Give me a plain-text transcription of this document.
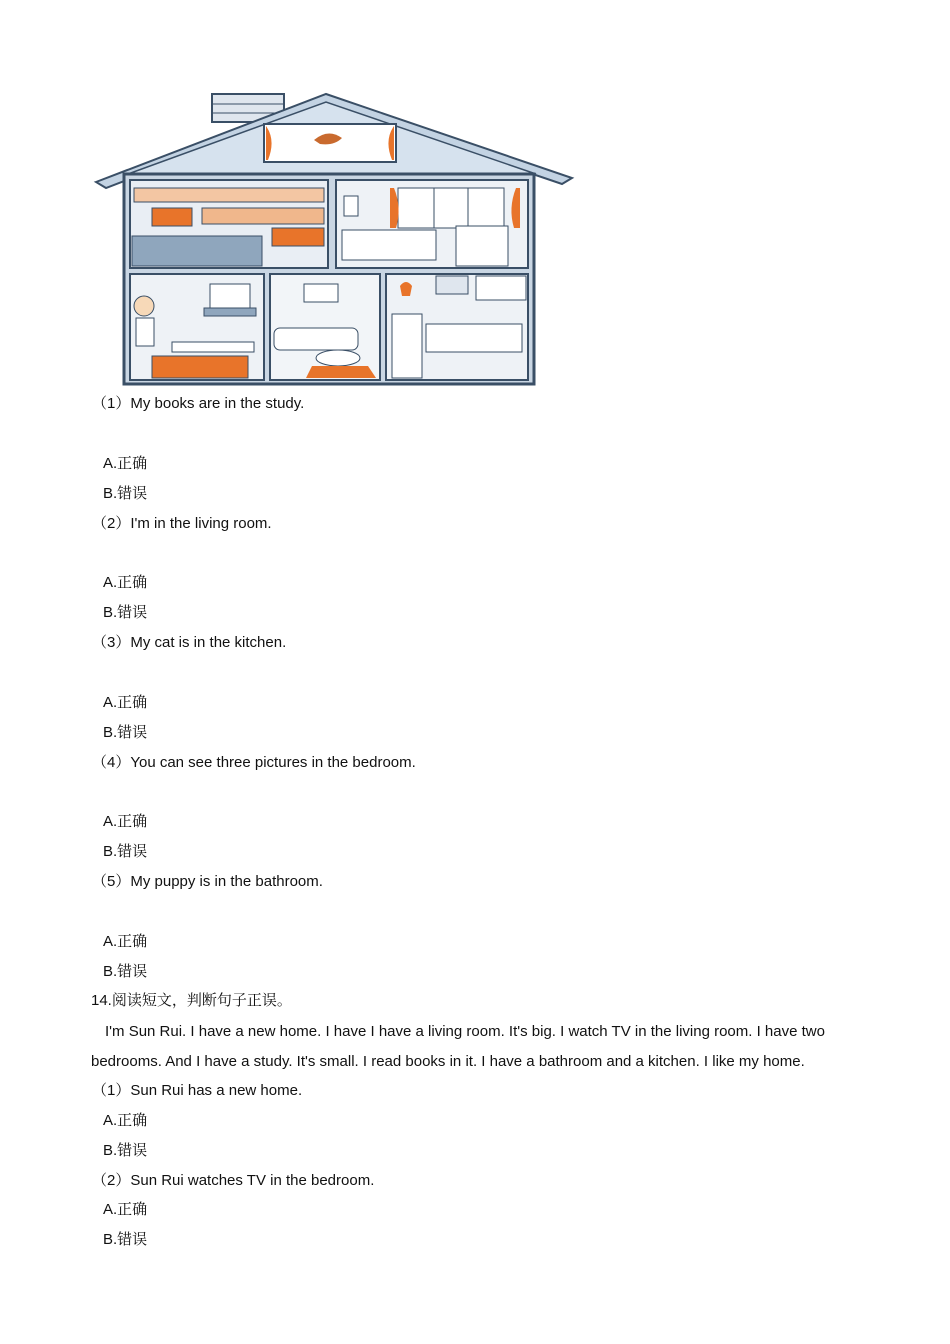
（1）My books are in the study.
A.正确
B.错误
（2）I'm in the living room.
A.正确
B.错误
（3）My cat is in the kitchen.
A.正确
B.错误
（4）You can see three pictures in the bedroom.
A.正确
B.错误
（5）My puppy is in the bathroom.
A.正确
B.错误
14.阅读短文，判断句子正误。
I'm Sun Rui. I have a new home. I have I have a living room. It's big. I watch TV in the living room. I have two bedrooms. And I have a study. It's small. I read books in it. I have a bathroom and a kitchen. I like my home.
（1）Sun Rui has a new home.
A.正确
B.错误
（2）Sun Rui watches TV in the bedroom.
A.正确
B.错误
